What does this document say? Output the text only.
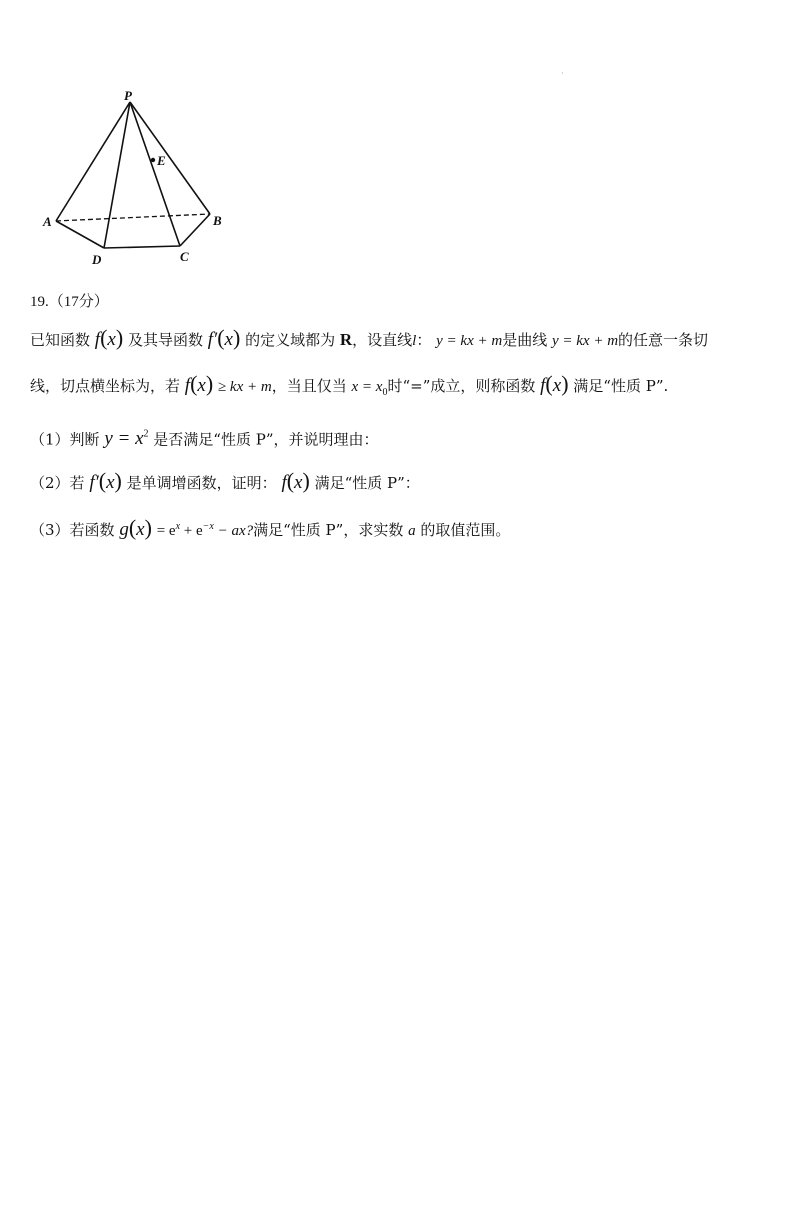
P
E
A	B
C
D
·
19.（17分）
已知函数 f(x) 及其导函数 f′(x) 的定义域都为 R，设直线l： y = kx + m是曲线 y = kx + m的任意一条切
线，切点横坐标为，若 f(x) ≥ kx + m，当且仅当 $x = x_0$时“=”成立，则称函数 f(x) 满足“性质 P”.
（1）判断 $y = x^2$ 是否满足“性质 P”，并说明理由：
（2）若 f′(x) 是单调增函数，证明： f(x) 满足“性质 P”：
（3）若函数 $g(x) = e^x + e^{-x}$ − ax?满足“性质 P”，求实数 a 的取值范围。
